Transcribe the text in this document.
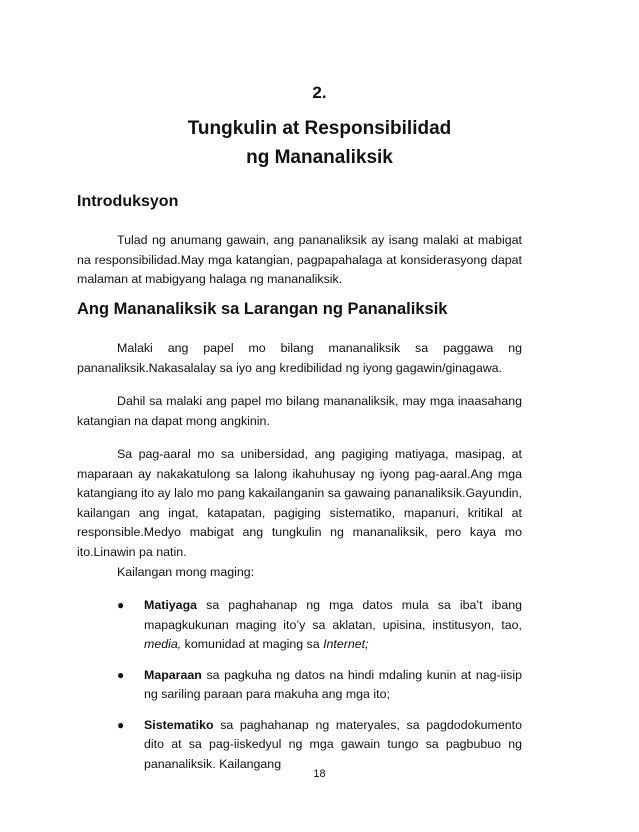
2.
Tungkulin at Responsibilidad
ng Mananaliksik
Introduksyon
Tulad ng anumang gawain, ang pananaliksik ay isang malaki at mabigat na responsibilidad.May mga katangian, pagpapahalaga at konsiderasyong dapat malaman at mabigyang halaga ng mananaliksik.
Ang Mananaliksik sa Larangan ng Pananaliksik
Malaki ang papel mo bilang mananaliksik sa paggawa ng pananaliksik.Nakasalalay sa iyo ang kredibilidad ng iyong gagawin/ginagawa.
Dahil sa malaki ang papel mo bilang mananaliksik, may mga inaasahang katangian na dapat mong angkinin.
Sa pag-aaral mo sa unibersidad, ang pagiging matiyaga, masipag, at maparaan ay nakakatulong sa lalong ikahuhusay ng iyong pag-aaral.Ang mga katangiang ito ay lalo mo pang kakailanganin sa gawaing pananaliksik.Gayundin, kailangan ang ingat, katapatan, pagiging sistematiko, mapanuri, kritikal at responsible.Medyo mabigat ang tungkulin ng mananaliksik, pero kaya mo ito.Linawin pa natin.
Kailangan mong maging:
● Matiyaga sa paghahanap ng mga datos mula sa iba’t ibang mapagkukunan maging ito’y sa aklatan, upisina, institusyon, tao, media, komunidad at maging sa Internet;
● Maparaan sa pagkuha ng datos na hindi mdaling kunin at nag-iisip ng sariling paraan para makuha ang mga ito;
● Sistematiko sa paghahanap ng materyales, sa pagdodokumento dito at sa pag-iiskedyul ng mga gawain tungo sa pagbubuo ng pananaliksik. Kailangang
18
